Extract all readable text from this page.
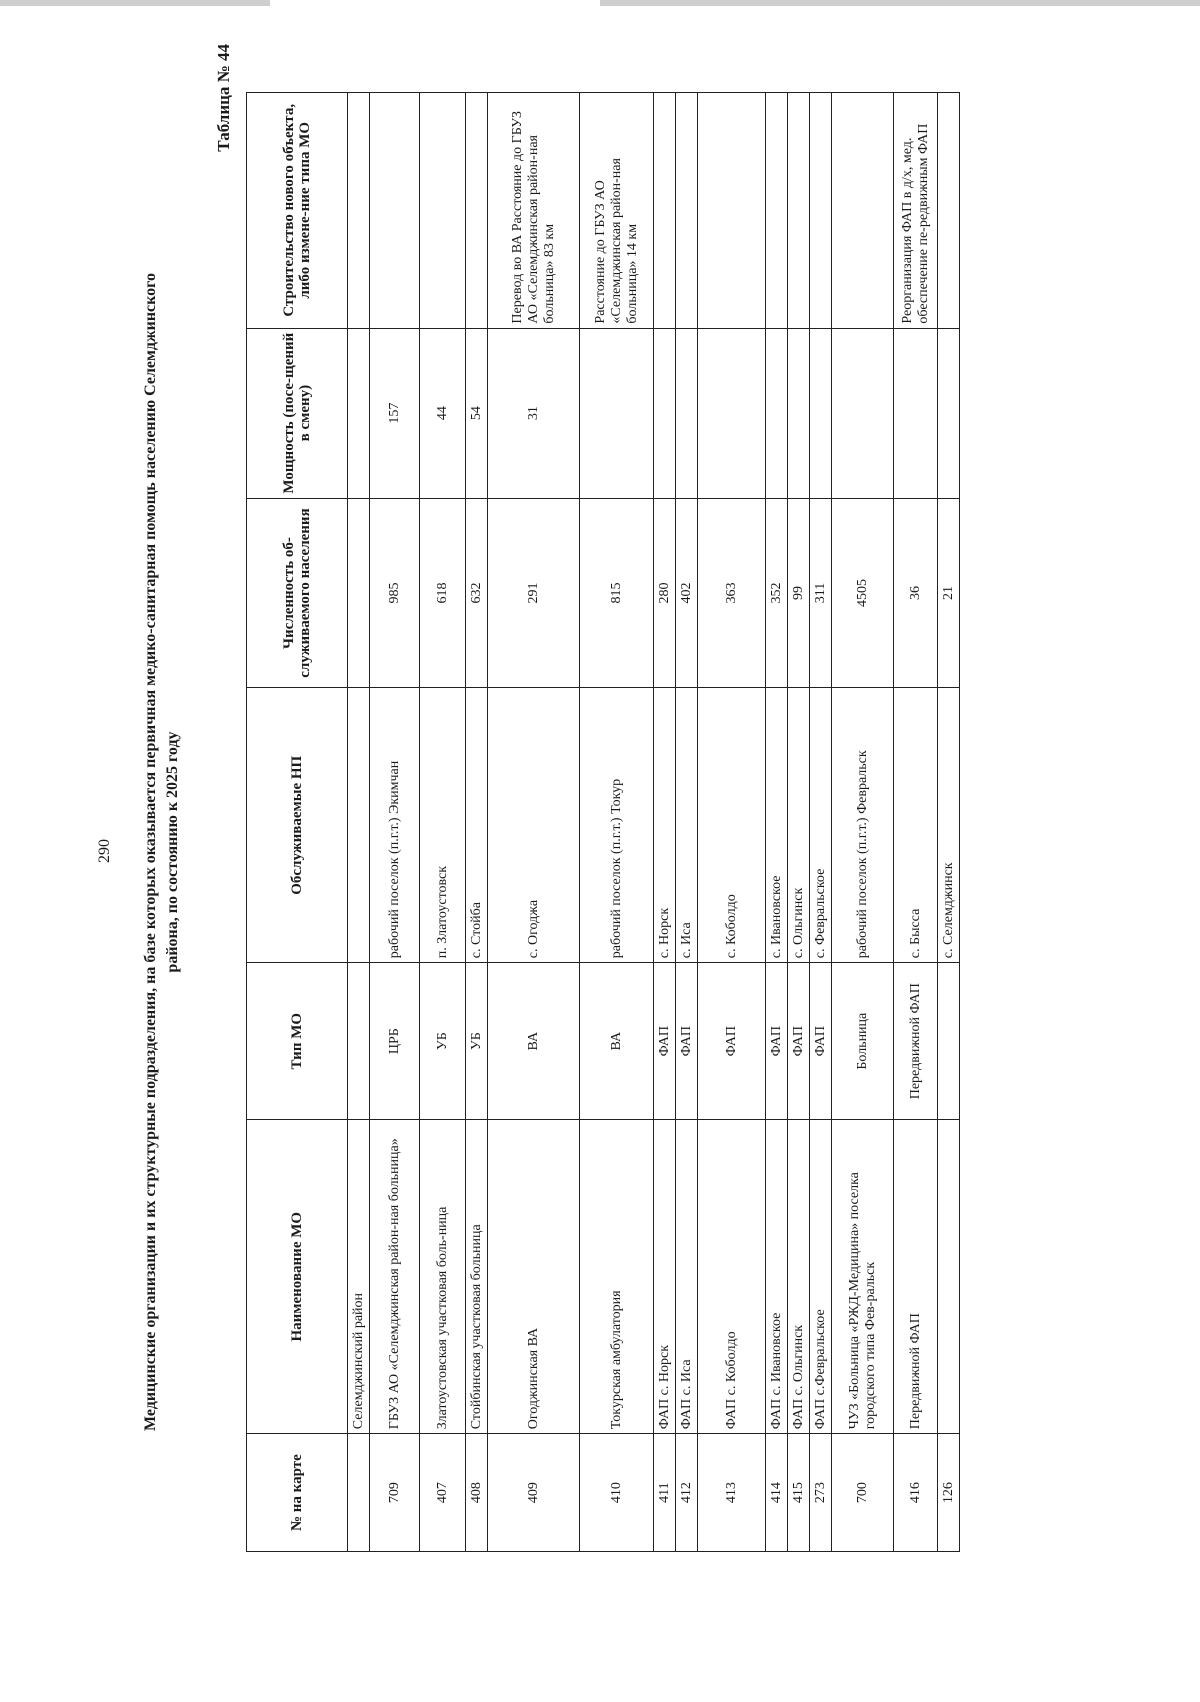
290 Медицинские организации и их структурные подразделения, на базе которых оказывается первичная медико-санитарная помощь населению Селемджинского района, по состоянию к 2025 году
Таблица № 44
№ на карте	Наименование МО	Тип МО	Обслуживаемые НП	Численность об-служиваемого населения	Мощность (посе-щений в смену)	Строительство нового объекта, либо измене-ние типа МО
	Селемджинский район					
709	ГБУЗ АО «Селемджинская район-ная больница»	ЦРБ	рабочий поселок (п.г.т.) Экимчан	985	157	
407	Златоустовская участковая боль-ница	УБ	п. Златоустовск	618	44	
408	Стойбинская участковая больница	УБ	с. Стойба	632	54	
409	Огоджинская ВА	ВА	с. Огоджа	291	31	Перевод во ВА Расстояние до ГБУЗ АО «Селемджинская район-ная больница» 83 км
410	Токурская амбулатория	ВА	рабочий поселок (п.г.т.) Токур	815		Расстояние до ГБУЗ АО «Селемджинская район-ная больница» 14 км
411	ФАП с. Норск	ФАП	с. Норск	280		
412	ФАП с. Иса	ФАП	с. Иса	402		
413	ФАП с. Коболдо	ФАП	с. Коболдо	363		
414	ФАП с. Ивановское	ФАП	с. Ивановское	352		
415	ФАП с. Ольгинск	ФАП	с. Ольгинск	99		
273	ФАП с.Февральское	ФАП	с. Февральское	311		
700	ЧУЗ «Больница «РЖД-Медицина» поселка городского типа Фев-ральск	Больница	рабочий поселок (п.г.т.) Февральск	4505		
416	Передвижной ФАП	Передвижной ФАП	с. Бысса	36		Реорганизация ФАП в д/х, мед. обеспечение пе-редвижным ФАП
126			с. Селемджинск	21		
